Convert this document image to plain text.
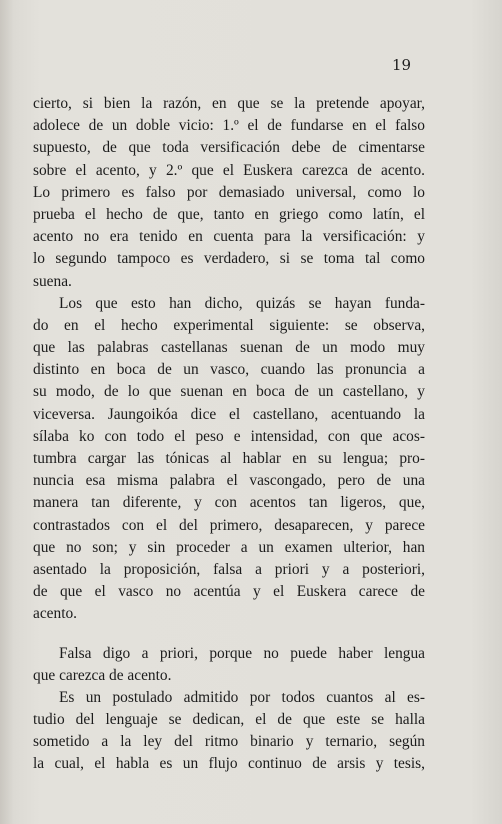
19
cierto, si bien la razón, en que se la pretende apoyar,
adolece de un doble vicio: 1.º el de fundarse en el falso
supuesto, de que toda versificación debe de cimentarse
sobre el acento, y 2.º que el Euskera carezca de acento.
Lo primero es falso por demasiado universal, como lo
prueba el hecho de que, tanto en griego como latín, el
acento no era tenido en cuenta para la versificación: y
lo segundo tampoco es verdadero, si se toma tal como
suena.
Los que esto han dicho, quizás se hayan funda-
do en el hecho experimental siguiente: se observa,
que las palabras castellanas suenan de un modo muy
distinto en boca de un vasco, cuando las pronuncia a
su modo, de lo que suenan en boca de un castellano, y
viceversa. Jaungoikóa dice el castellano, acentuando la
sílaba ko con todo el peso e intensidad, con que acos-
tumbra cargar las tónicas al hablar en su lengua; pro-
nuncia esa misma palabra el vascongado, pero de una
manera tan diferente, y con acentos tan ligeros, que,
contrastados con el del primero, desaparecen, y parece
que no son; y sin proceder a un examen ulterior, han
asentado la proposición, falsa a priori y a posteriori,
de que el vasco no acentúa y el Euskera carece de
acento.
Falsa digo a priori, porque no puede haber lengua
que carezca de acento.
Es un postulado admitido por todos cuantos al es-
tudio del lenguaje se dedican, el de que este se halla
sometido a la ley del ritmo binario y ternario, según
la cual, el habla es un flujo continuo de arsis y tesis,
